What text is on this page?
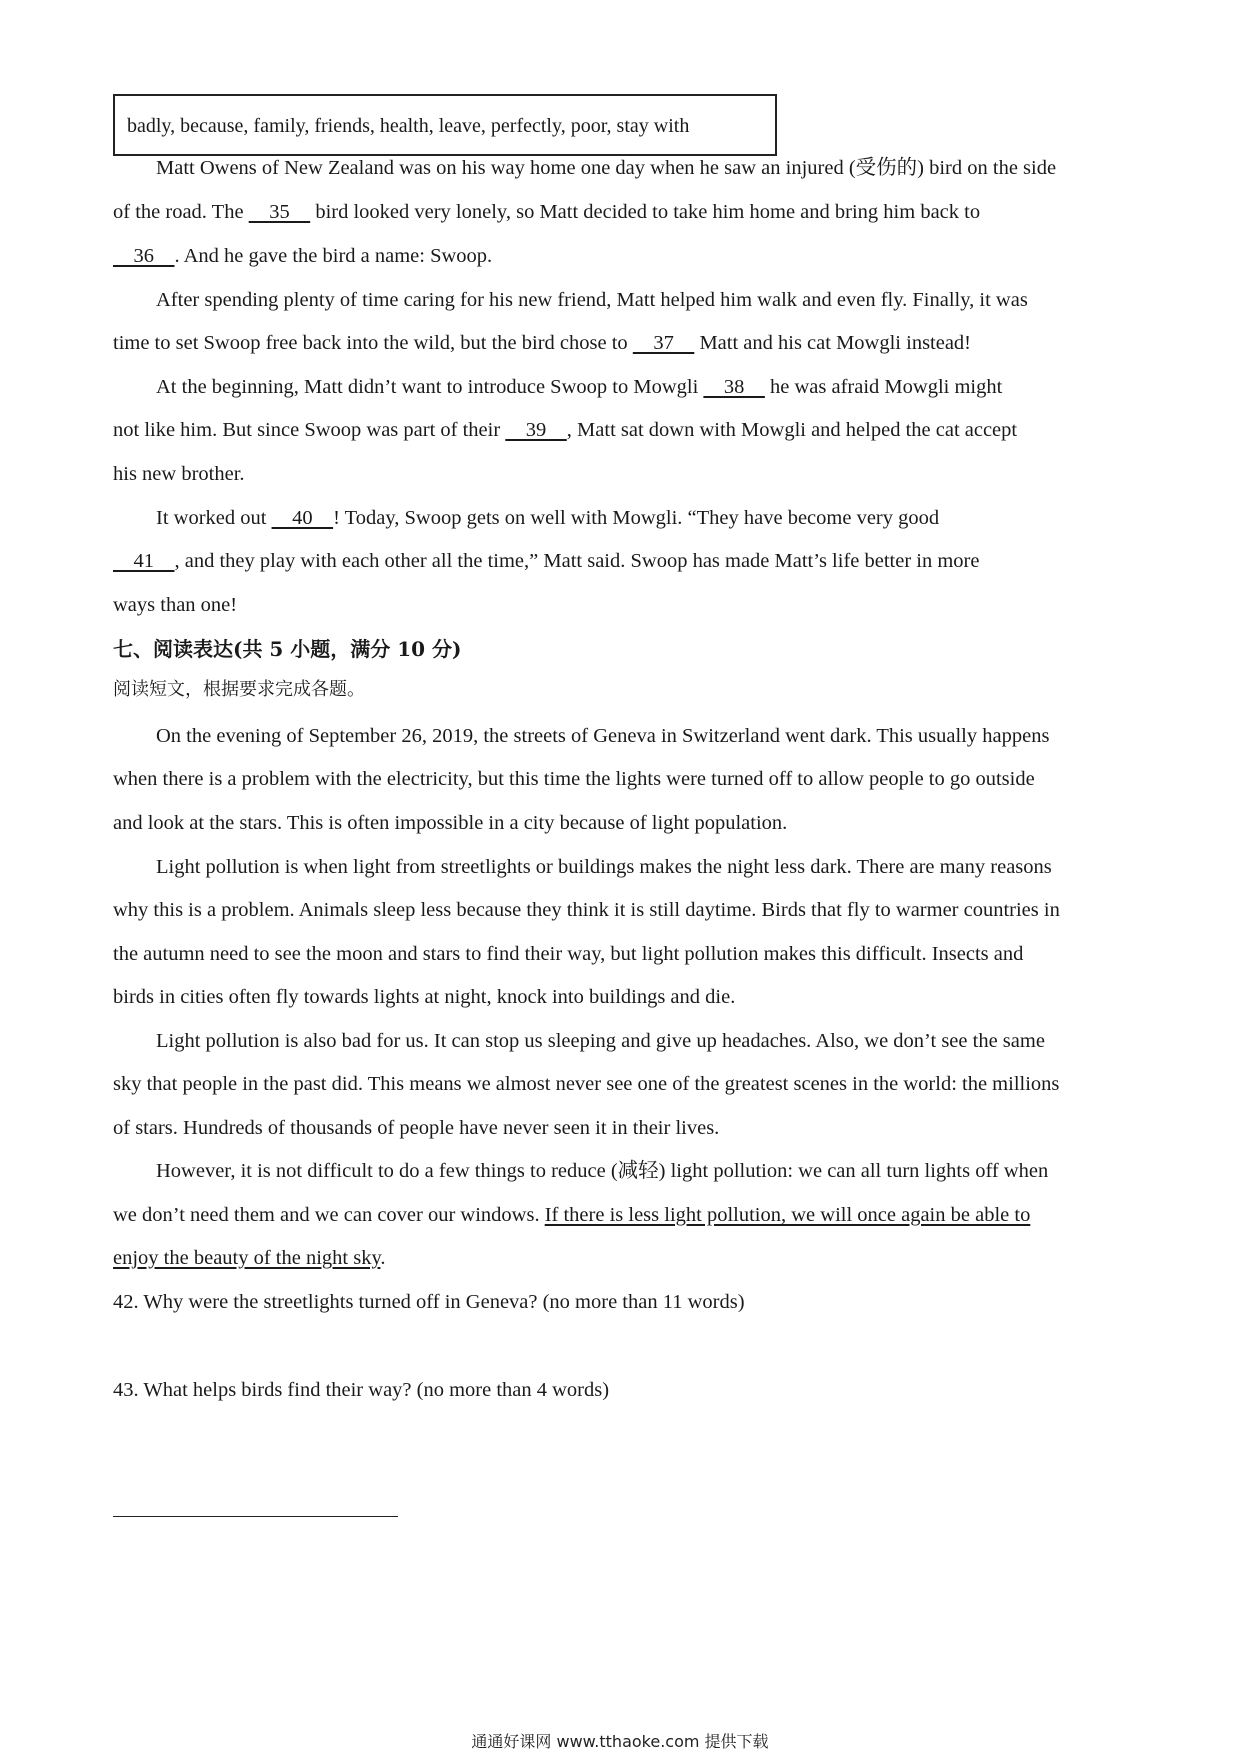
badly, because, family, friends, health, leave, perfectly, poor, stay with
Matt Owens of New Zealand was on his way home one day when he saw an injured (受伤的) bird on the side
of the road. The     35     bird looked very lonely, so Matt decided to take him home and bring him back to
36    . And he gave the bird a name: Swoop.
After spending plenty of time caring for his new friend, Matt helped him walk and even fly. Finally, it was
time to set Swoop free back into the wild, but the bird chose to     37     Matt and his cat Mowgli instead!
At the beginning, Matt didn’t want to introduce Swoop to Mowgli     38     he was afraid Mowgli might
not like him. But since Swoop was part of their     39    , Matt sat down with Mowgli and helped the cat accept
his new brother.
It worked out     40    ! Today, Swoop gets on well with Mowgli. “They have become very good
41    , and they play with each other all the time,” Matt said. Swoop has made Matt’s life better in more
ways than one!
七、阅读表达(共 5 小题，满分 10 分)
阅读短文，根据要求完成各题。
On the evening of September 26, 2019, the streets of Geneva in Switzerland went dark. This usually happens
when there is a problem with the electricity, but this time the lights were turned off to allow people to go outside
and look at the stars. This is often impossible in a city because of light population.
Light pollution is when light from streetlights or buildings makes the night less dark. There are many reasons
why this is a problem. Animals sleep less because they think it is still daytime. Birds that fly to warmer countries in
the autumn need to see the moon and stars to find their way, but light pollution makes this difficult. Insects and
birds in cities often fly towards lights at night, knock into buildings and die.
Light pollution is also bad for us. It can stop us sleeping and give up headaches. Also, we don’t see the same
sky that people in the past did. This means we almost never see one of the greatest scenes in the world: the millions
of stars. Hundreds of thousands of people have never seen it in their lives.
However, it is not difficult to do a few things to reduce (减轻) light pollution: we can all turn lights off when
we don’t need them and we can cover our windows. If there is less light pollution, we will once again be able to
enjoy the beauty of the night sky.
42. Why were the streetlights turned off in Geneva? (no more than 11 words)
43. What helps birds find their way? (no more than 4 words)
通通好课网 www.tthaoke.com 提供下载
